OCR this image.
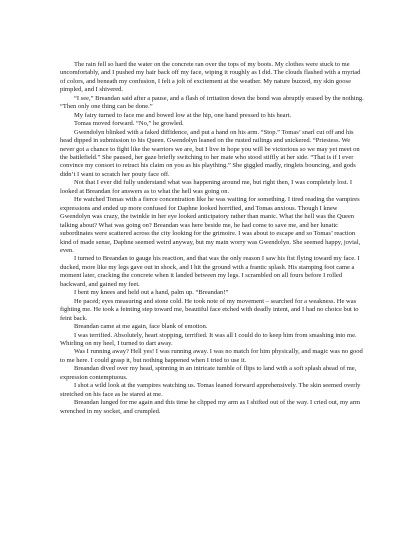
The rain fell so hard the water on the concrete ran over the tops of my boots. My clothes were stuck to me uncomfortably, and I pushed my hair back off my face, wiping it roughly as I did. The clouds flashed with a myriad of colors, and beneath my confusion, I felt a jolt of excitement at the weather. My nature buzzed, my skin goose pimpled, and I shivered.

“I see,” Breandan said after a pause, and a flash of irritation down the bond was abruptly erased by the nothing. “Then only one thing can be done.”

My fairy turned to face me and bowed low at the hip, one hand pressed to his heart.

Tomas moved forward. “No,” he growled.

Gwendolyn blinked with a faked diffidence, and put a hand on his arm. “Stop.” Tomas’ snarl cut off and his head dipped in submission to his Queen. Gwendolyn leaned on the rusted railings and snickered. “Priestess. We never got a chance to fight like the warriors we are, but I live in hope you will be victorious so we may yet meet on the battlefield.” She paused, her gaze briefly switching to her mate who stood stiffly at her side. “That is if I ever convince my consort to retract his claim on you as his plaything.” She giggled madly, ringlets bouncing, and gods didn’t I want to scratch her pouty face off.

Not that I ever did fully understand what was happening around me, but right then, I was completely lost. I looked at Breandan for answers as to what the hell was going on.

He watched Tomas with a fierce concentration like he was waiting for something. I tired reading the vampires expressions and ended up more confused for Daphne looked horrified, and Tomas anxious. Though I knew Gwendolyn was crazy, the twinkle in her eye looked anticipatory rather than manic. What the hell was the Queen talking about? What was going on? Breandan was here beside me, he had come to save me, and her lunatic subordinates were scattered across the city looking for the grimoire. I was about to escape and so Tomas’ reaction kind of made sense, Daphne seemed weird anyway, but my main worry was Gwendolyn. She seemed happy, jovial, even.

I turned to Breandan to gauge his reaction, and that was the only reason I saw his fist flying toward my face. I ducked, more like my legs gave out in shock, and I hit the ground with a frantic splash. His stamping foot came a moment later, cracking the concrete when it landed between my legs. I scrambled on all fours before I rolled backward, and gained my feet.

I bent my knees and held out a hand, palm up. “Breandan!”

He paced; eyes measuring and stone cold. He took note of my movement – searched for a weakness. He was fighting me. He took a feinting step toward me, beautiful face etched with deadly intent, and I had no choice but to feint back.

Breandan came at me again, face blank of emotion.

I was terrified. Absolutely, heart stopping, terrified. It was all I could do to keep him from smashing into me. Whirling on my heel, I turned to dart away.

Was I running away? Hell yes! I was running away. I was no match for him physically, and magic was no good to me here. I could grasp it, but nothing happened when I tried to use it.

Breandan dived over my head, spinning in an intricate tumble of flips to land with a soft splash ahead of me, expression contemptuous.

I shot a wild look at the vampires watching us. Tomas leaned forward apprehensively. The skin seemed overly stretched on his face as he stared at me.

Breandan lunged for me again and this time he clipped my arm as I shifted out of the way. I cried out, my arm wrenched in my socket, and crumpled.
